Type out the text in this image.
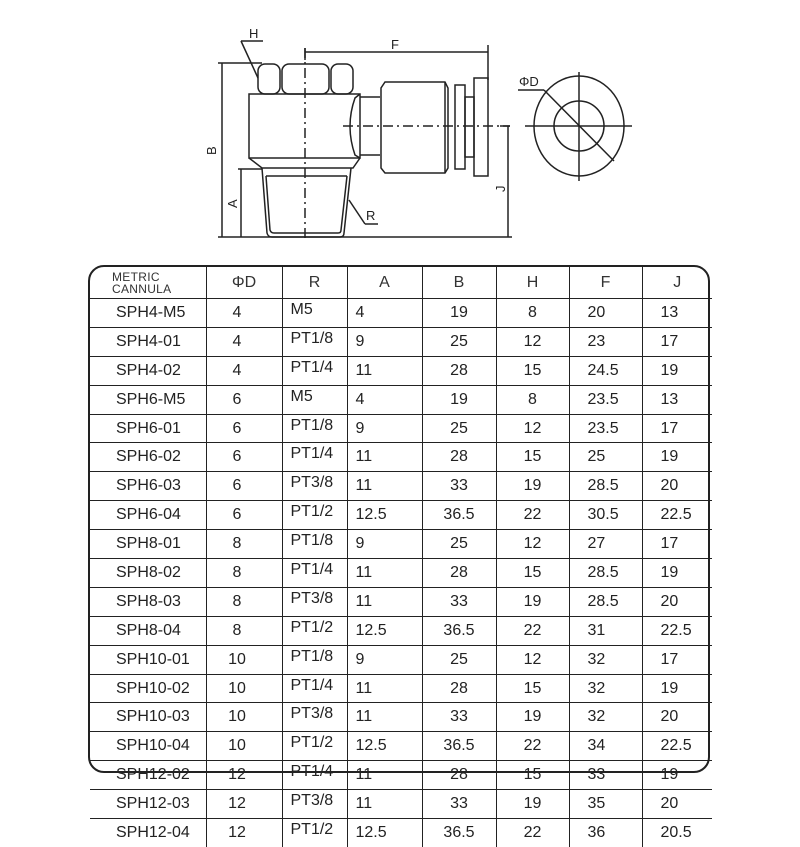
H
F
B
A
R
J
ΦD
METRIC
CANNULA	ΦD	R	A	B	H	F	J
SPH4-M5	4	M5	4	19	8	20	13
SPH4-01	4	PT1/8	9	25	12	23	17
SPH4-02	4	PT1/4	11	28	15	24.5	19
SPH6-M5	6	M5	4	19	8	23.5	13
SPH6-01	6	PT1/8	9	25	12	23.5	17
SPH6-02	6	PT1/4	11	28	15	25	19
SPH6-03	6	PT3/8	11	33	19	28.5	20
SPH6-04	6	PT1/2	12.5	36.5	22	30.5	22.5
SPH8-01	8	PT1/8	9	25	12	27	17
SPH8-02	8	PT1/4	11	28	15	28.5	19
SPH8-03	8	PT3/8	11	33	19	28.5	20
SPH8-04	8	PT1/2	12.5	36.5	22	31	22.5
SPH10-01	10	PT1/8	9	25	12	32	17
SPH10-02	10	PT1/4	11	28	15	32	19
SPH10-03	10	PT3/8	11	33	19	32	20
SPH10-04	10	PT1/2	12.5	36.5	22	34	22.5
SPH12-02	12	PT1/4	11	28	15	33	19
SPH12-03	12	PT3/8	11	33	19	35	20
SPH12-04	12	PT1/2	12.5	36.5	22	36	20.5
